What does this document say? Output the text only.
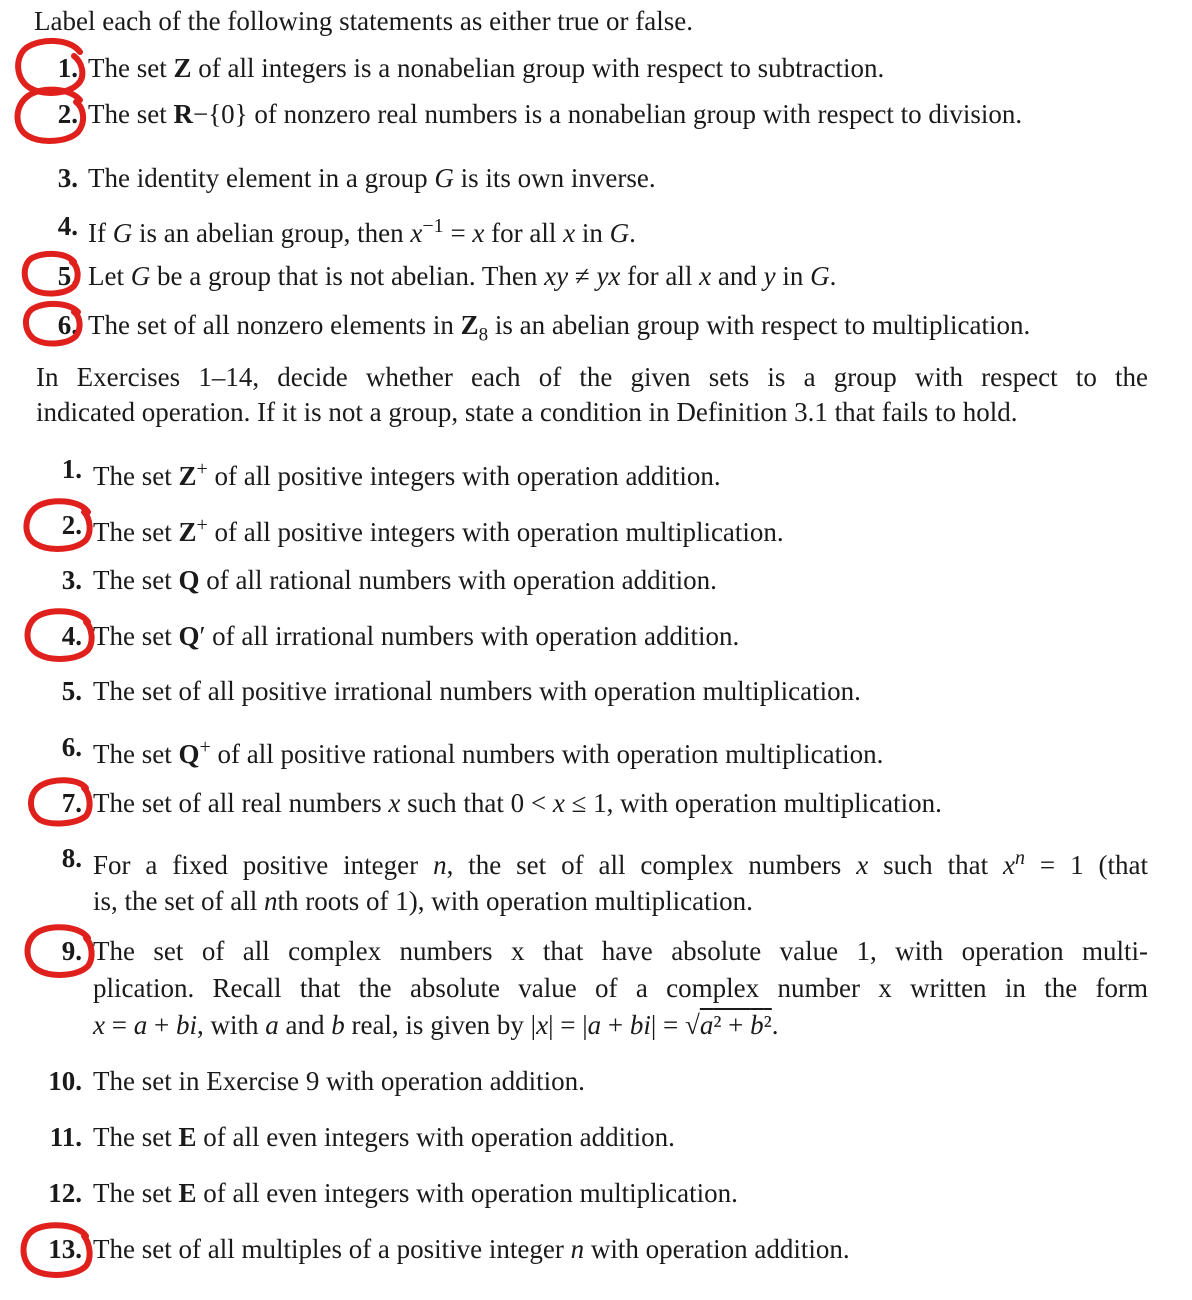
Label each of the following statements as either true or false.
1. The set Z of all integers is a nonabelian group with respect to subtraction.
2. The set R−{0} of nonzero real numbers is a nonabelian group with respect to division.
3. The identity element in a group G is its own inverse.
4. If G is an abelian group, then $x^{-1} = x$ for all x in G.
5. Let G be a group that is not abelian. Then xy ≠ yx for all x and y in G.
6. The set of all nonzero elements in $Z_8$ is an abelian group with respect to multiplication.
In Exercises 1–14, decide whether each of the given sets is a group with respect to the
indicated operation. If it is not a group, state a condition in Definition 3.1 that fails to hold.
1. The set Z+ of all positive integers with operation addition.
2. The set Z+ of all positive integers with operation multiplication.
3. The set Q of all rational numbers with operation addition.
4. The set Q′ of all irrational numbers with operation addition.
5. The set of all positive irrational numbers with operation multiplication.
6. The set Q+ of all positive rational numbers with operation multiplication.
7. The set of all real numbers x such that 0 < x ≤ 1, with operation multiplication.
8. For a fixed positive integer n, the set of all complex numbers x such that $x^n = 1$ (that
is, the set of all nth roots of 1), with operation multiplication.
9. The set of all complex numbers x that have absolute value 1, with operation multi-
plication. Recall that the absolute value of a complex number x written in the form
x = a + bi, with a and b real, is given by |x| = |a + bi| = √a² + b².
10. The set in Exercise 9 with operation addition.
11. The set E of all even integers with operation addition.
12. The set E of all even integers with operation multiplication.
13. The set of all multiples of a positive integer n with operation addition.
